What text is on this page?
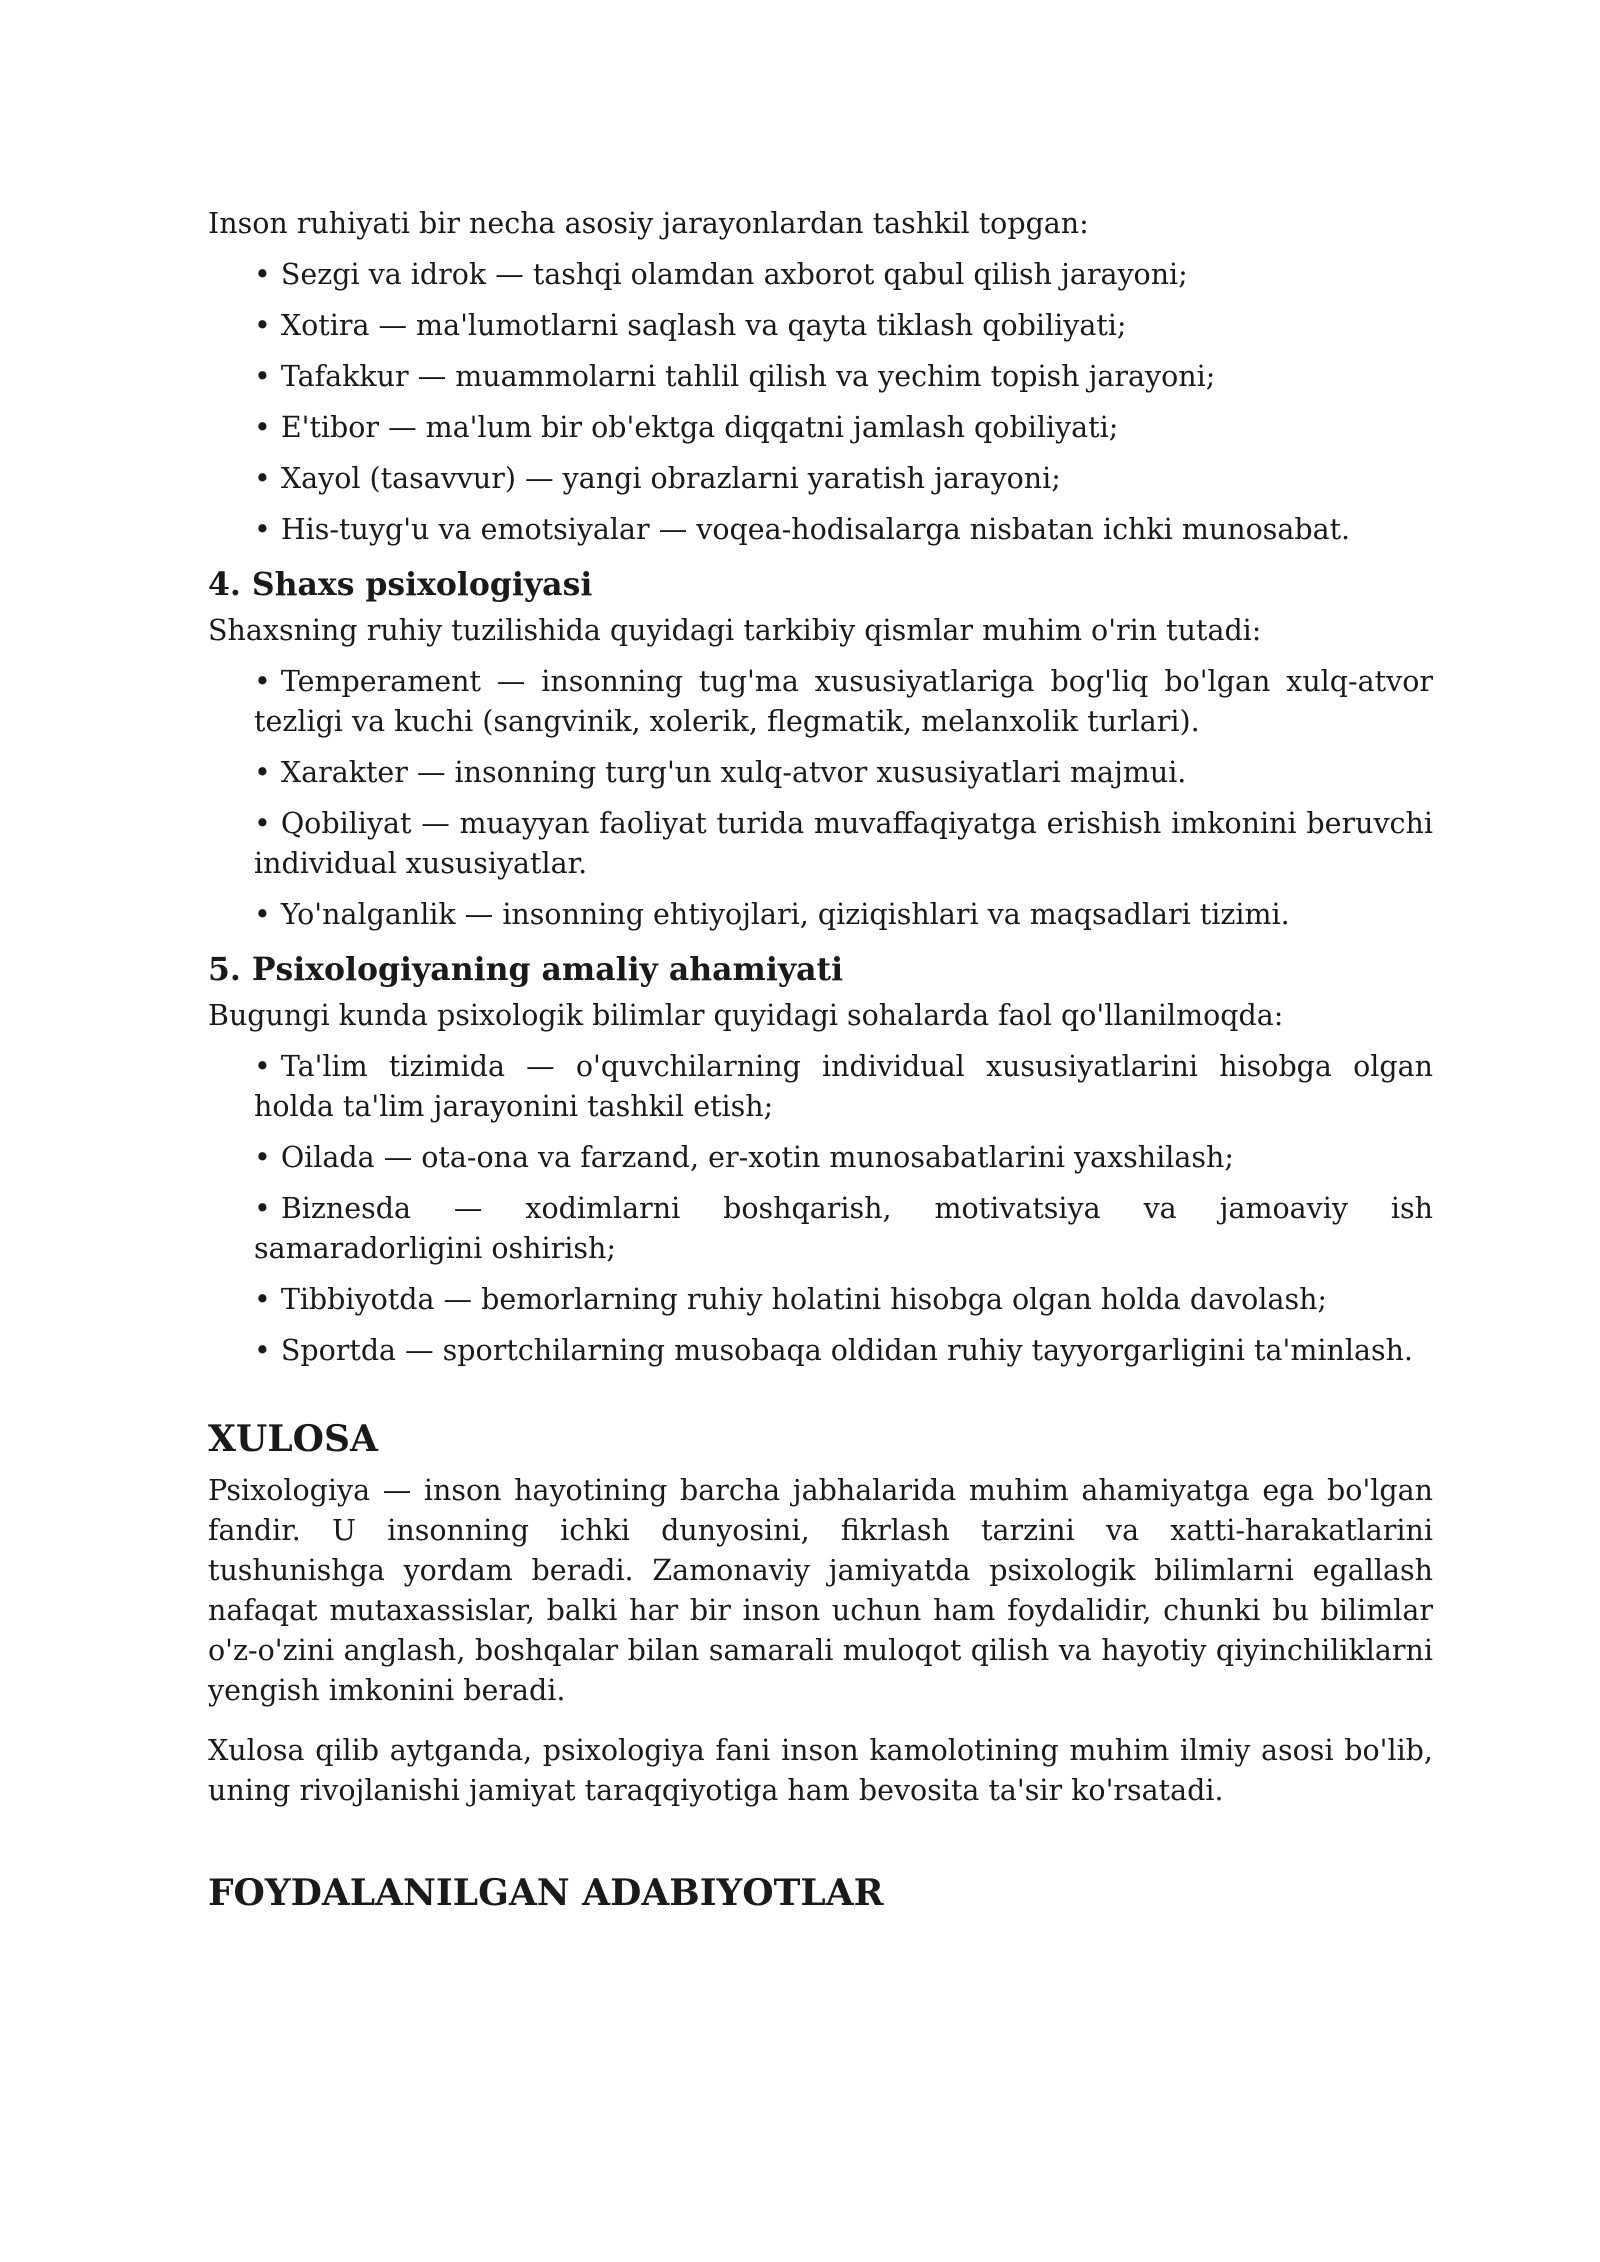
Inson ruhiyati bir necha asosiy jarayonlardan tashkil topgan:

• Sezgi va idrok — tashqi olamdan axborot qabul qilish jarayoni;
• Xotira — ma'lumotlarni saqlash va qayta tiklash qobiliyati;
• Tafakkur — muammolarni tahlil qilish va yechim topish jarayoni;
• E'tibor — ma'lum bir ob'ektga diqqatni jamlash qobiliyati;
• Xayol (tasavvur) — yangi obrazlarni yaratish jarayoni;
• His-tuyg'u va emotsiyalar — voqea-hodisalarga nisbatan ichki munosabat.
4. Shaxs psixologiyasi

Shaxsning ruhiy tuzilishida quyidagi tarkibiy qismlar muhim o'rin tutadi:

• Temperament — insonning tug'ma xususiyatlariga bog'liq bo'lgan xulq-atvor tezligi va kuchi (sangvinik, xolerik, flegmatik, melanxolik turlari).
• Xarakter — insonning turg'un xulq-atvor xususiyatlari majmui.
• Qobiliyat — muayyan faoliyat turida muvaffaqiyatga erishish imkonini beruvchi individual xususiyatlar.
• Yo'nalganlik — insonning ehtiyojlari, qiziqishlari va maqsadlari tizimi.
5. Psixologiyaning amaliy ahamiyati

Bugungi kunda psixologik bilimlar quyidagi sohalarda faol qo'llanilmoqda:

• Ta'lim tizimida — o'quvchilarning individual xususiyatlarini hisobga olgan holda ta'lim jarayonini tashkil etish;
• Oilada — ota-ona va farzand, er-xotin munosabatlarini yaxshilash;
• Biznesda — xodimlarni boshqarish, motivatsiya va jamoaviy ish samaradorligini oshirish;
• Tibbiyotda — bemorlarning ruhiy holatini hisobga olgan holda davolash;
• Sportda — sportchilarning musobaqa oldidan ruhiy tayyorgarligini ta'minlash.
XULOSA

Psixologiya — inson hayotining barcha jabhalarida muhim ahamiyatga ega bo'lgan fandir. U insonning ichki dunyosini, fikrlash tarzini va xatti-harakatlarini tushunishga yordam beradi. Zamonaviy jamiyatda psixologik bilimlarni egallash nafaqat mutaxassislar, balki har bir inson uchun ham foydalidir, chunki bu bilimlar o'z-o'zini anglash, boshqalar bilan samarali muloqot qilish va hayotiy qiyinchiliklarni yengish imkonini beradi.

Xulosa qilib aytganda, psixologiya fani inson kamolotining muhim ilmiy asosi bo'lib, uning rivojlanishi jamiyat taraqqiyotiga ham bevosita ta'sir ko'rsatadi.

FOYDALANILGAN ADABIYOTLAR
